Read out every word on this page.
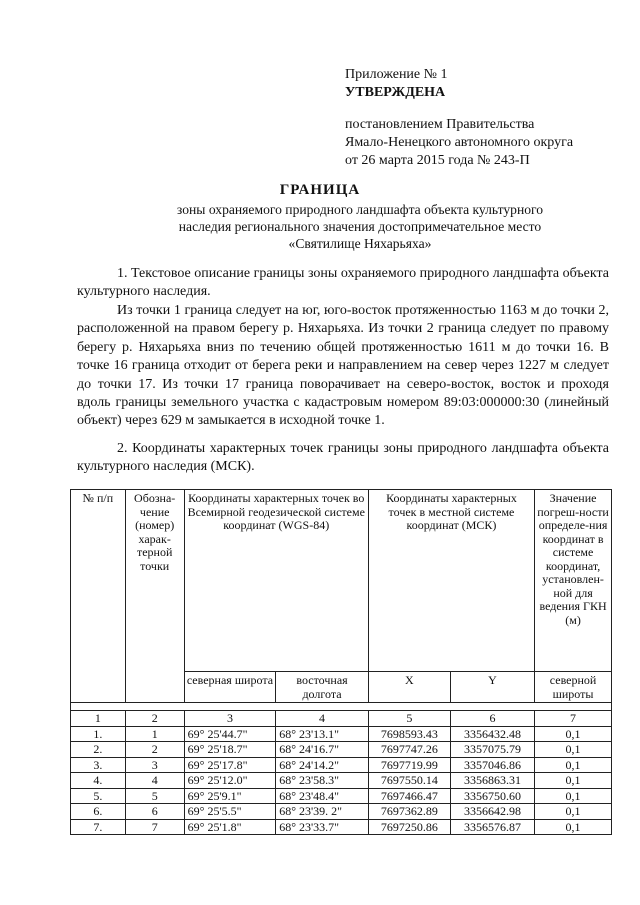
Приложение № 1
УТВЕРЖДЕНА
постановлением Правительства
Ямало-Ненецкого автономного округа
от 26 марта 2015 года № 243-П
ГРАНИЦА
зоны охраняемого природного ландшафта объекта культурного
наследия регионального значения достопримечательное место
«Святилище Няхарьяха»
1. Текстовое описание границы зоны охраняемого природного ландшафта объекта культурного наследия.
Из точки 1 граница следует на юг, юго-восток протяженностью 1163 м до точки 2, расположенной на правом берегу р. Няхарьяха. Из точки 2 граница следует по правому берегу р. Няхарьяха вниз по течению общей протяженностью 1611 м до точки 16. В точке 16 граница отходит от берега реки и направлением на север через 1227 м следует до точки 17. Из точки 17 граница поворачивает на северо-восток, восток и проходя вдоль границы земельного участка с кадастровым номером 89:03:000000:30 (линейный объект) через 629 м замыкается в исходной точке 1.
2. Координаты характерных точек границы зоны природного ландшафта объекта культурного наследия (МСК).
№ п/п	Обозна-чение (номер) харак-терной точки	Координаты характерных точек во Всемирной геодезической системе координат (WGS-84)		Координаты характерных точек в местной системе координат (МСК)		Значение погреш-ности определе-ния координат в системе координат, установлен-ной для ведения ГКН (м)
		северная широта	восточная долгота	X	Y	северной широты

1	2	3	4	5	6	7
1.	1	69° 25'44.7"	68° 23'13.1"	7698593.43	3356432.48	0,1
2.	2	69° 25'18.7"	68° 24'16.7"	7697747.26	3357075.79	0,1
3.	3	69° 25'17.8"	68° 24'14.2"	7697719.99	3357046.86	0,1
4.	4	69° 25'12.0"	68° 23'58.3"	7697550.14	3356863.31	0,1
5.	5	69° 25'9.1"	68° 23'48.4"	7697466.47	3356750.60	0,1
6.	6	69° 25'5.5"	68° 23'39. 2"	7697362.89	3356642.98	0,1
7.	7	69° 25'1.8"	68° 23'33.7"	7697250.86	3356576.87	0,1
